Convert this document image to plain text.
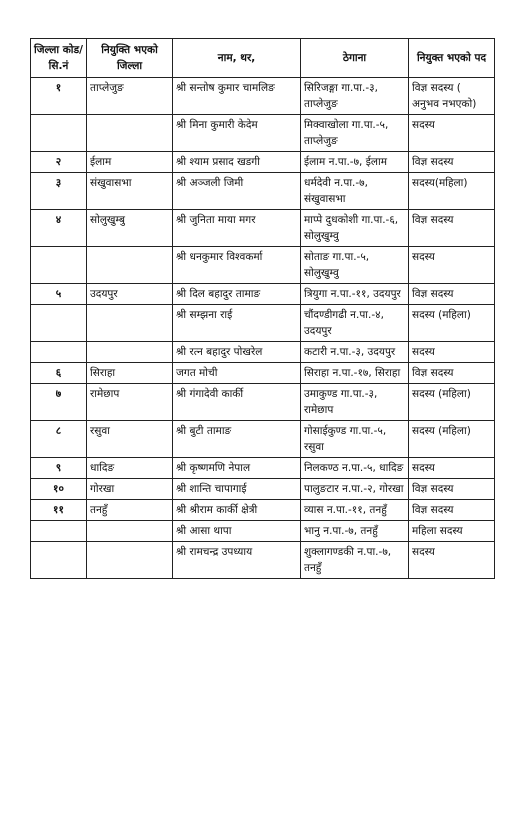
जिल्ला कोड/सि.नं	नियुक्ति भएको जिल्ला	नाम, थर,	ठेगाना	नियुक्त भएको पद
१	ताप्लेजुङ	श्री सन्तोष कुमार चामलिङ	सिरिजङ्गा गा.पा.-३, ताप्लेजुङ	विज्ञ सदस्य ( अनुभव नभएको)
		श्री मिना कुमारी केदेम	मिक्वाखोला गा.पा.-५, ताप्लेजुङ	सदस्य
२	ईलाम	श्री श्याम प्रसाद खडगी	ईलाम न.पा.-७, ईलाम	विज्ञ सदस्य
३	संखुवासभा	श्री अञ्जली जिमी	धर्मदेवी न.पा.-७, संखुवासभा	सदस्य(महिला)
४	सोलुखुम्बु	श्री जुनिता माया मगर	माप्पे दुधकोशी गा.पा.-६, सोलुखुम्वु	विज्ञ सदस्य
		श्री धनकुमार विश्वकर्मा	सोताङ गा.पा.-५, सोलुखुम्वु	सदस्य
५	उदयपुर	श्री दिल बहादुर तामाङ	त्रियुगा न.पा.-११, उदयपुर	विज्ञ सदस्य
		श्री सम्झना राई	चौंदण्डीगढी न.पा.-४, उदयपुर	सदस्य (महिला)
		श्री रत्न बहादुर पोखरेल	कटारी न.पा.-३, उदयपुर	सदस्य
६	सिराहा	जगत मोची	सिराहा न.पा.-१७, सिराहा	विज्ञ सदस्य
७	रामेछाप	श्री गंगादेवी कार्की	उमाकुण्ड गा.पा.-३, रामेछाप	सदस्य (महिला)
८	रसुवा	श्री बुटी तामाङ	गोसाईकुण्ड गा.पा.-५, रसुवा	सदस्य (महिला)
९	धादिङ	श्री कृष्णमणि नेपाल	निलकण्ठ न.पा.-५, धादिङ	सदस्य
१०	गोरखा	श्री शान्ति चापागाई	पालुङटार न.पा.-२, गोरखा	विज्ञ सदस्य
११	तनहुँ	श्री श्रीराम कार्की क्षेत्री	व्यास न.पा.-११, तनहुँ	विज्ञ सदस्य
		श्री आसा थापा	भानु न.पा.-७, तनहुँ	महिला सदस्य
		श्री रामचन्द्र उपध्याय	शुक्लागण्डकी न.पा.-७, तनहुँ	सदस्य
